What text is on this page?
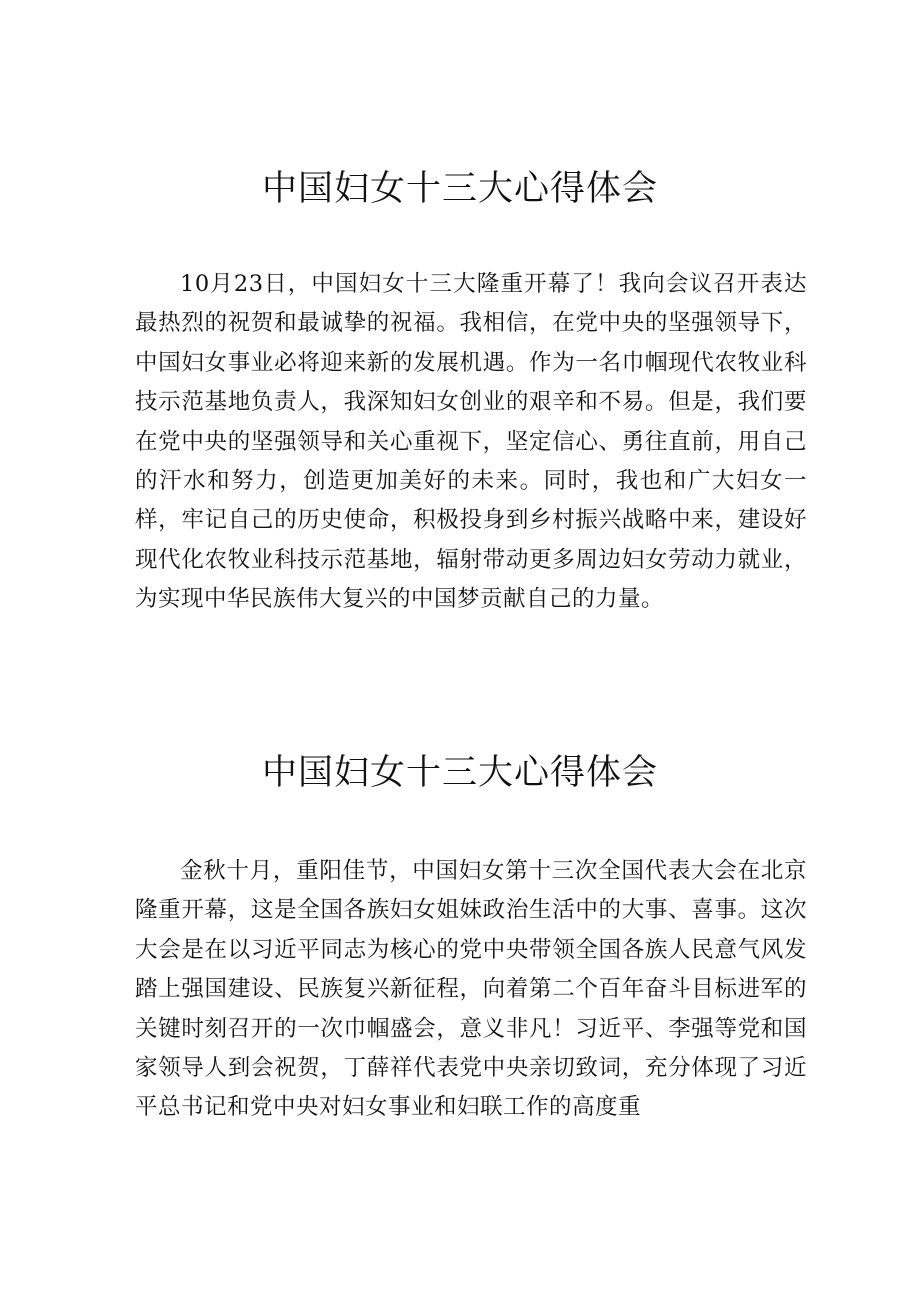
中国妇女十三大心得体会

10月23日，中国妇女十三大隆重开幕了！我向会议召开表达最热烈的祝贺和最诚挚的祝福。我相信，在党中央的坚强领导下，中国妇女事业必将迎来新的发展机遇。作为一名巾帼现代农牧业科技示范基地负责人，我深知妇女创业的艰辛和不易。但是，我们要在党中央的坚强领导和关心重视下，坚定信心、勇往直前，用自己的汗水和努力，创造更加美好的未来。同时，我也和广大妇女一样，牢记自己的历史使命，积极投身到乡村振兴战略中来，建设好现代化农牧业科技示范基地，辐射带动更多周边妇女劳动力就业，为实现中华民族伟大复兴的中国梦贡献自己的力量。

中国妇女十三大心得体会

金秋十月，重阳佳节，中国妇女第十三次全国代表大会在北京隆重开幕，这是全国各族妇女姐妹政治生活中的大事、喜事。这次大会是在以习近平同志为核心的党中央带领全国各族人民意气风发踏上强国建设、民族复兴新征程，向着第二个百年奋斗目标进军的关键时刻召开的一次巾帼盛会，意义非凡！习近平、李强等党和国家领导人到会祝贺，丁薛祥代表党中央亲切致词，充分体现了习近平总书记和党中央对妇女事业和妇联工作的高度重
